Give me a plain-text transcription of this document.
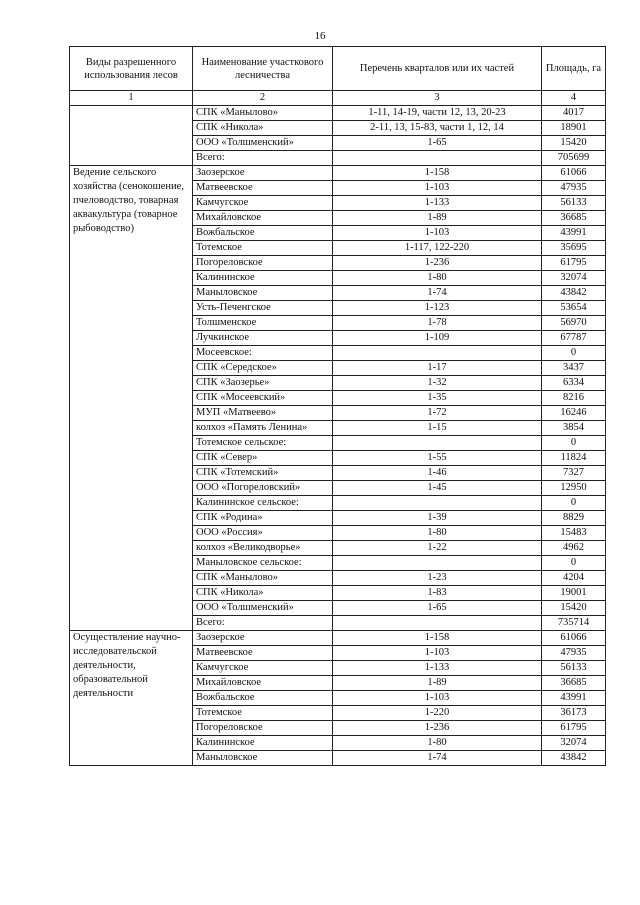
16
Виды разрешенного использования лесов	Наименование участкового лесничества	Перечень кварталов или их частей	Площадь, га
1	2	3	4
	СПК «Манылово»	1-11, 14-19, части 12, 13, 20-23	4017
	СПК «Никола»	2-11, 13, 15-83, части 1, 12, 14	18901
	ООО «Толшменский»	1-65	15420
	Всего:		705699
Ведение сельского хозяйства (сенокошение, пчеловодство, товарная аквакультура (товарное рыбоводство)	Заозерское	1-158	61066
	Матвеевское	1-103	47935
	Камчугское	1-133	56133
	Михайловское	1-89	36685
	Вожбальское	1-103	43991
	Тотемское	1-117, 122-220	35695
	Погореловское	1-236	61795
	Калининское	1-80	32074
	Маныловское	1-74	43842
	Усть-Печенгское	1-123	53654
	Толшменское	1-78	56970
	Лучкинское	1-109	67787
	Мосеевское:		0
	СПК «Середское»	1-17	3437
	СПК «Заозерье»	1-32	6334
	СПК «Мосеевский»	1-35	8216
	МУП «Матвеево»	1-72	16246
	колхоз «Память Ленина»	1-15	3854
	Тотемское сельское:		0
	СПК «Север»	1-55	11824
	СПК «Тотемский»	1-46	7327
	ООО «Погореловский»	1-45	12950
	Калининское сельское:		0
	СПК «Родина»	1-39	8829
	ООО «Россия»	1-80	15483
	колхоз «Великодворье»	1-22	4962
	Маныловское сельское:		0
	СПК «Манылово»	1-23	4204
	СПК «Никола»	1-83	19001
	ООО «Толшменский»	1-65	15420
	Всего:		735714
Осуществление научно-исследовательской деятельности, образовательной деятельности	Заозерское	1-158	61066
	Матвеевское	1-103	47935
	Камчугское	1-133	56133
	Михайловское	1-89	36685
	Вожбальское	1-103	43991
	Тотемское	1-220	36173
	Погореловское	1-236	61795
	Калининское	1-80	32074
	Маныловское	1-74	43842
